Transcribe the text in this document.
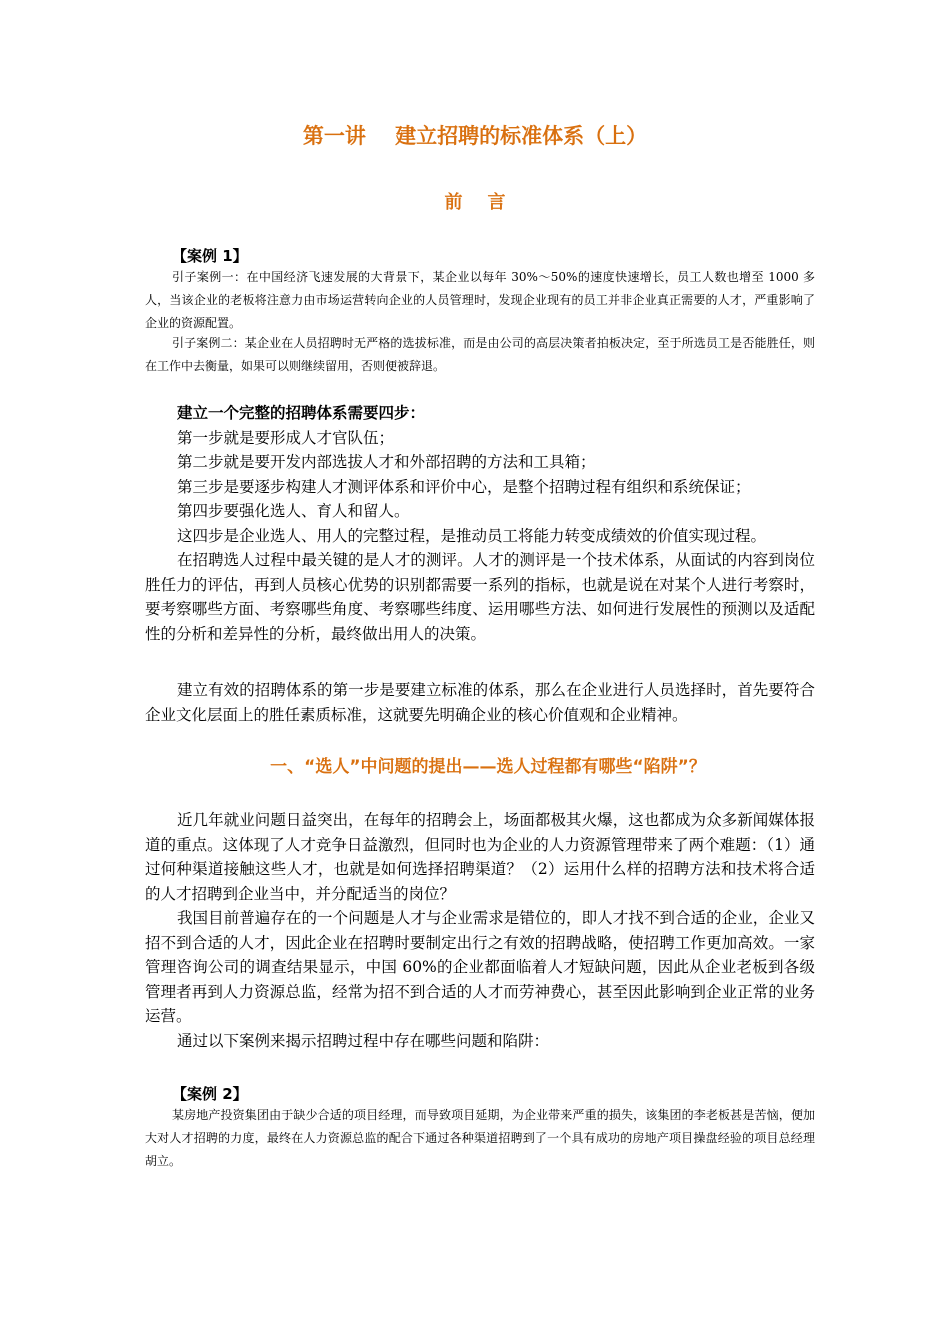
第一讲    建立招聘的标准体系（上）
前    言
【案例 1】

引子案例一：在中国经济飞速发展的大背景下，某企业以每年 30%～50%的速度快速增长，员工人数也增至 1000 多人，当该企业的老板将注意力由市场运营转向企业的人员管理时，发现企业现有的员工并非企业真正需要的人才，严重影响了企业的资源配置。

引子案例二：某企业在人员招聘时无严格的选拔标准，而是由公司的高层决策者拍板决定，至于所选员工是否能胜任，则在工作中去衡量，如果可以则继续留用，否则便被辞退。

建立一个完整的招聘体系需要四步：

第一步就是要形成人才官队伍；

第二步就是要开发内部选拔人才和外部招聘的方法和工具箱；

第三步是要逐步构建人才测评体系和评价中心，是整个招聘过程有组织和系统保证；

第四步要强化选人、育人和留人。

这四步是企业选人、用人的完整过程，是推动员工将能力转变成绩效的价值实现过程。

在招聘选人过程中最关键的是人才的测评。人才的测评是一个技术体系，从面试的内容到岗位胜任力的评估，再到人员核心优势的识别都需要一系列的指标，也就是说在对某个人进行考察时，要考察哪些方面、考察哪些角度、考察哪些纬度、运用哪些方法、如何进行发展性的预测以及适配性的分析和差异性的分析，最终做出用人的决策。

建立有效的招聘体系的第一步是要建立标准的体系，那么在企业进行人员选择时，首先要符合企业文化层面上的胜任素质标准，这就要先明确企业的核心价值观和企业精神。

一、“选人”中问题的提出——选人过程都有哪些“陷阱”？

近几年就业问题日益突出，在每年的招聘会上，场面都极其火爆，这也都成为众多新闻媒体报道的重点。这体现了人才竞争日益激烈，但同时也为企业的人力资源管理带来了两个难题：（1）通过何种渠道接触这些人才，也就是如何选择招聘渠道？（2）运用什么样的招聘方法和技术将合适的人才招聘到企业当中，并分配适当的岗位？

我国目前普遍存在的一个问题是人才与企业需求是错位的，即人才找不到合适的企业，企业又招不到合适的人才，因此企业在招聘时要制定出行之有效的招聘战略，使招聘工作更加高效。一家管理咨询公司的调查结果显示，中国 60%的企业都面临着人才短缺问题，因此从企业老板到各级管理者再到人力资源总监，经常为招不到合适的人才而劳神费心，甚至因此影响到企业正常的业务运营。

通过以下案例来揭示招聘过程中存在哪些问题和陷阱：

【案例 2】

某房地产投资集团由于缺少合适的项目经理，而导致项目延期，为企业带来严重的损失，该集团的李老板甚是苦恼，便加大对人才招聘的力度，最终在人力资源总监的配合下通过各种渠道招聘到了一个具有成功的房地产项目操盘经验的项目总经理胡立。
